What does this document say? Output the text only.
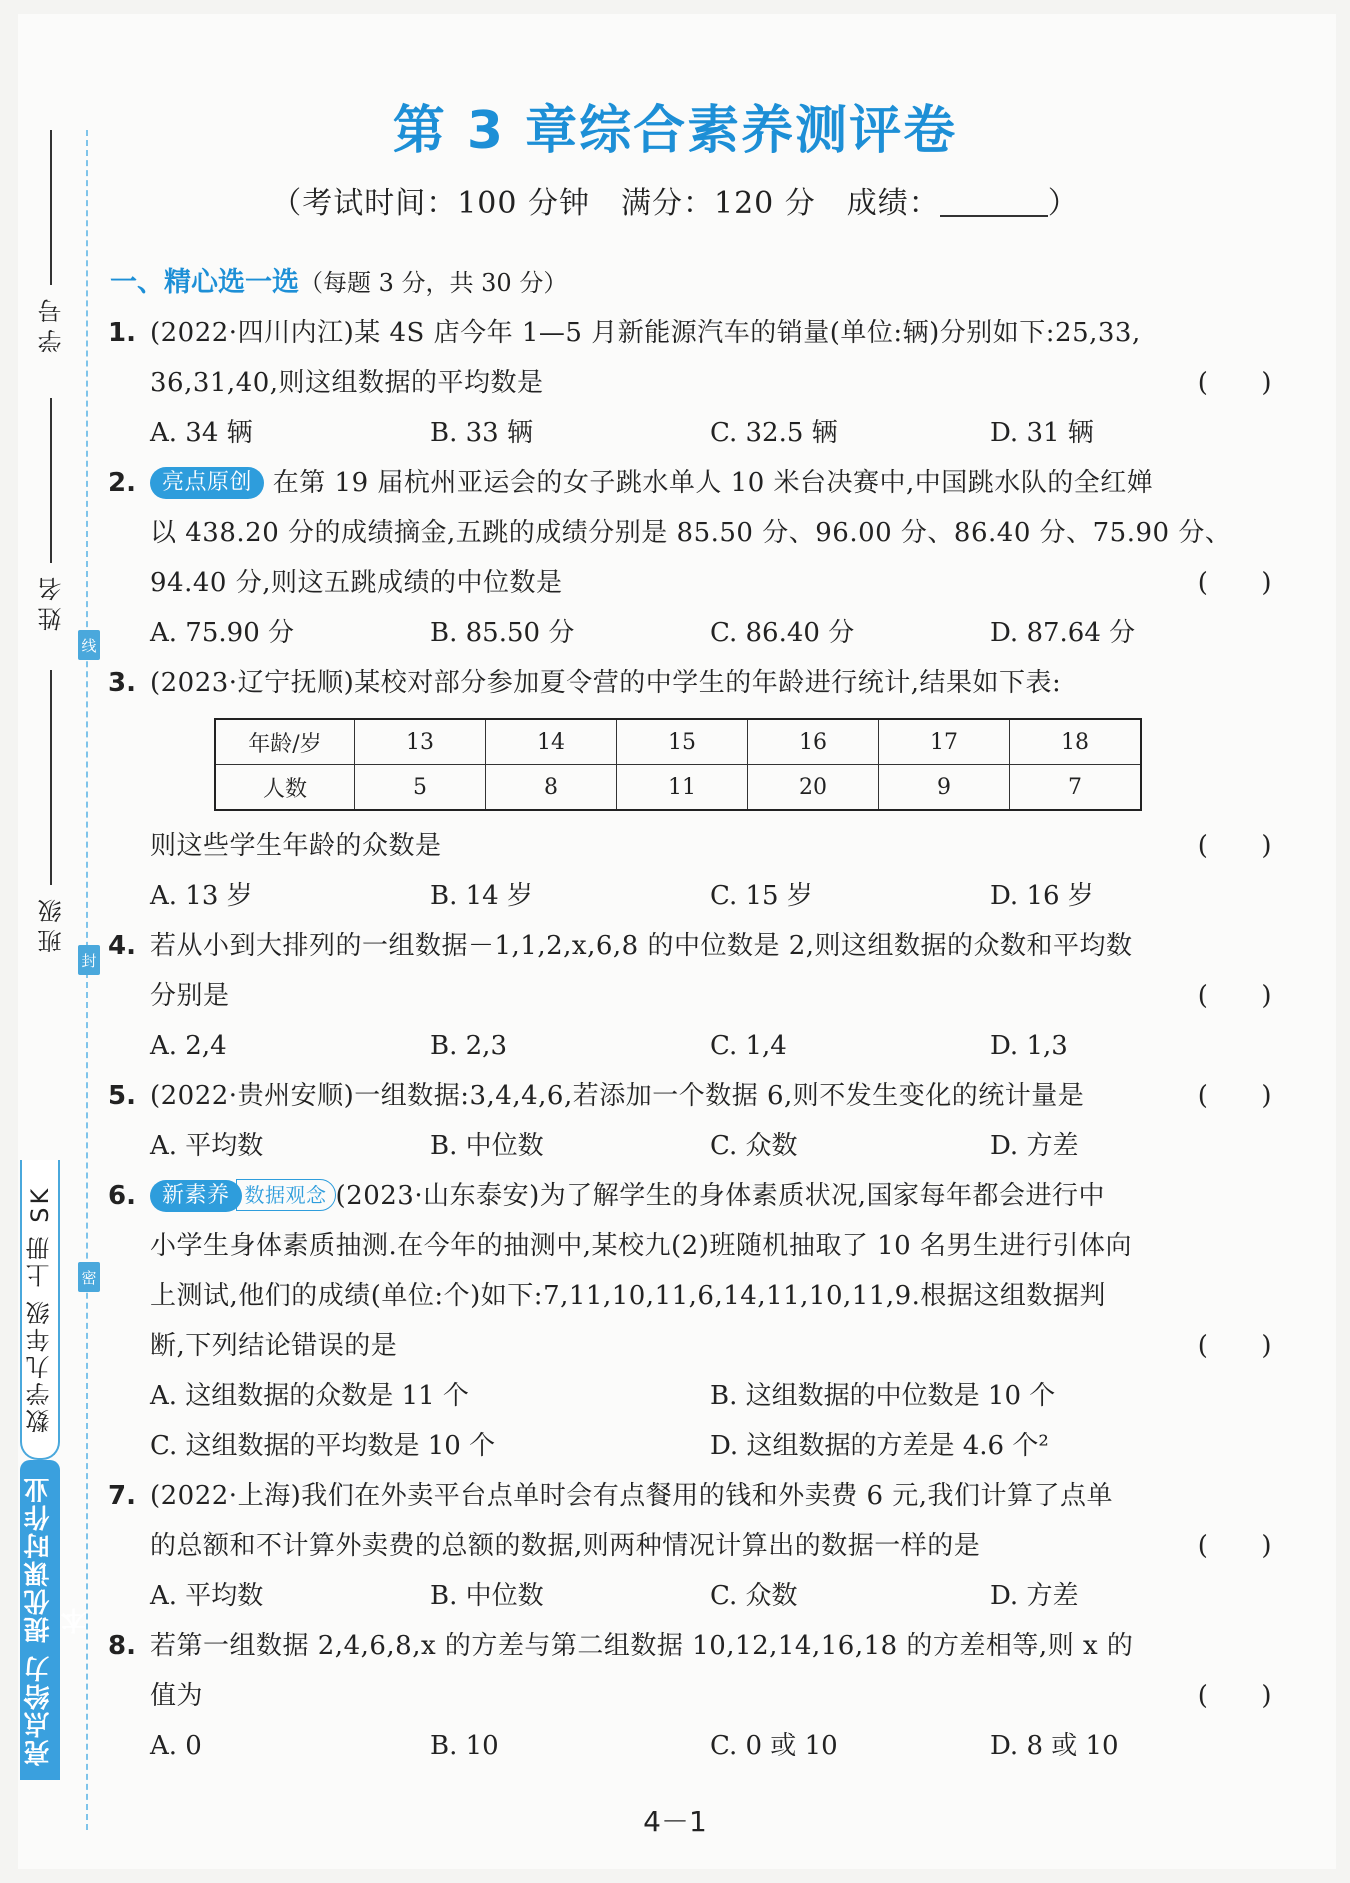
学号
姓名
班级
线
封
密
数学九年级 上册 SK
亮点给力 提优课时作业本
第 3 章综合素养测评卷
（考试时间：100 分钟　满分：120 分　成绩：	）
一、精心选一选（每题 3 分，共 30 分）
1. (2022·四川内江)某 4S 店今年 1—5 月新能源汽车的销量(单位:辆)分别如下:25,33,
36,31,40,则这组数据的平均数是	(　　)
A. 34 辆	B. 33 辆	C. 32.5 辆	D. 31 辆
2.	亮点原创 在第 19 届杭州亚运会的女子跳水单人 10 米台决赛中,中国跳水队的全红婵
以 438.20 分的成绩摘金,五跳的成绩分别是 85.50 分、96.00 分、86.40 分、75.90 分、
94.40 分,则这五跳成绩的中位数是	(　　)
A. 75.90 分	B. 85.50 分	C. 86.40 分	D. 87.64 分
3. (2023·辽宁抚顺)某校对部分参加夏令营的中学生的年龄进行统计,结果如下表:
年龄/岁	13	14	15	16	17	18
人数	5	8	11	20	9	7
则这些学生年龄的众数是	(　　)
A. 13 岁	B. 14 岁	C. 15 岁	D. 16 岁
4. 若从小到大排列的一组数据－1,1,2,x,6,8 的中位数是 2,则这组数据的众数和平均数
分别是	(　　)
A. 2,4	B. 2,3	C. 1,4	D. 1,3
5. (2022·贵州安顺)一组数据:3,4,4,6,若添加一个数据 6,则不发生变化的统计量是	(　　)
A. 平均数	B. 中位数	C. 众数	D. 方差
6.	新素养 数据观念 (2023·山东泰安)为了解学生的身体素质状况,国家每年都会进行中
小学生身体素质抽测.在今年的抽测中,某校九(2)班随机抽取了 10 名男生进行引体向
上测试,他们的成绩(单位:个)如下:7,11,10,11,6,14,11,10,11,9.根据这组数据判
断,下列结论错误的是	(　　)
A. 这组数据的众数是 11 个	B. 这组数据的中位数是 10 个
C. 这组数据的平均数是 10 个	D. 这组数据的方差是 4.6 个²
7. (2022·上海)我们在外卖平台点单时会有点餐用的钱和外卖费 6 元,我们计算了点单
的总额和不计算外卖费的总额的数据,则两种情况计算出的数据一样的是	(　　)
A. 平均数	B. 中位数	C. 众数	D. 方差
8. 若第一组数据 2,4,6,8,x 的方差与第二组数据 10,12,14,16,18 的方差相等,则 x 的
值为	(　　)
A. 0	B. 10	C. 0 或 10	D. 8 或 10
4－1
